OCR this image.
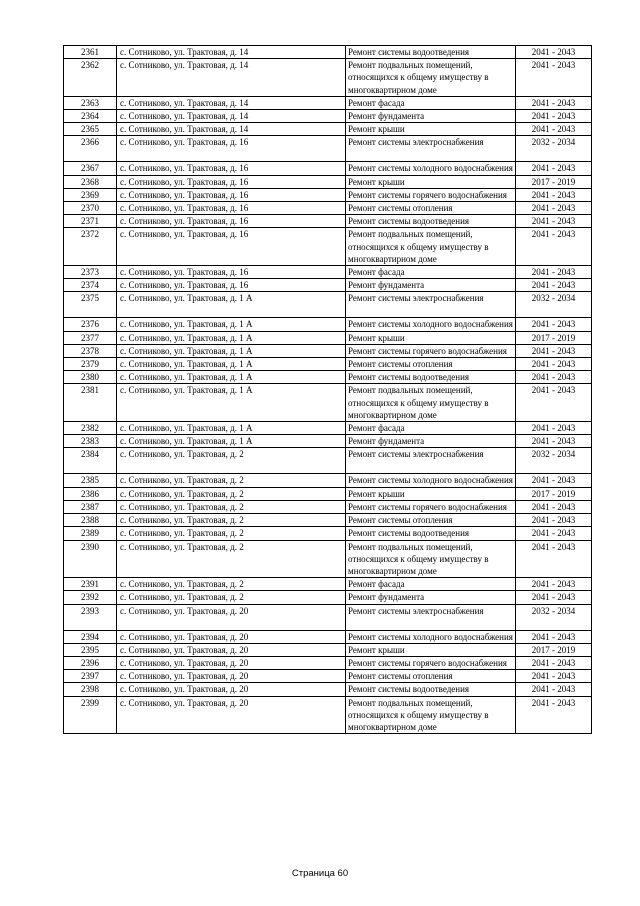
2361	с. Сотниково, ул. Трактовая, д. 14	Ремонт системы водоотведения	2041 - 2043
2362	с. Сотниково, ул. Трактовая, д. 14	Ремонт подвальных помещений, относящихся к общему имуществу в многоквартирном доме	2041 - 2043
2363	с. Сотниково, ул. Трактовая, д. 14	Ремонт фасада	2041 - 2043
2364	с. Сотниково, ул. Трактовая, д. 14	Ремонт фундамента	2041 - 2043
2365	с. Сотниково, ул. Трактовая, д. 14	Ремонт крыши	2041 - 2043
2366	с. Сотниково, ул. Трактовая, д. 16	Ремонт системы электроснабжения	2032 - 2034
2367	с. Сотниково, ул. Трактовая, д. 16	Ремонт системы холодного водоснабжения	2041 - 2043
2368	с. Сотниково, ул. Трактовая, д. 16	Ремонт крыши	2017 - 2019
2369	с. Сотниково, ул. Трактовая, д. 16	Ремонт системы горячего водоснабжения	2041 - 2043
2370	с. Сотниково, ул. Трактовая, д. 16	Ремонт системы отопления	2041 - 2043
2371	с. Сотниково, ул. Трактовая, д. 16	Ремонт системы водоотведения	2041 - 2043
2372	с. Сотниково, ул. Трактовая, д. 16	Ремонт подвальных помещений, относящихся к общему имуществу в многоквартирном доме	2041 - 2043
2373	с. Сотниково, ул. Трактовая, д. 16	Ремонт фасада	2041 - 2043
2374	с. Сотниково, ул. Трактовая, д. 16	Ремонт фундамента	2041 - 2043
2375	с. Сотниково, ул. Трактовая, д. 1 А	Ремонт системы электроснабжения	2032 - 2034
2376	с. Сотниково, ул. Трактовая, д. 1 А	Ремонт системы холодного водоснабжения	2041 - 2043
2377	с. Сотниково, ул. Трактовая, д. 1 А	Ремонт крыши	2017 - 2019
2378	с. Сотниково, ул. Трактовая, д. 1 А	Ремонт системы горячего водоснабжения	2041 - 2043
2379	с. Сотниково, ул. Трактовая, д. 1 А	Ремонт системы отопления	2041 - 2043
2380	с. Сотниково, ул. Трактовая, д. 1 А	Ремонт системы водоотведения	2041 - 2043
2381	с. Сотниково, ул. Трактовая, д. 1 А	Ремонт подвальных помещений, относящихся к общему имуществу в многоквартирном доме	2041 - 2043
2382	с. Сотниково, ул. Трактовая, д. 1 А	Ремонт фасада	2041 - 2043
2383	с. Сотниково, ул. Трактовая, д. 1 А	Ремонт фундамента	2041 - 2043
2384	с. Сотниково, ул. Трактовая, д. 2	Ремонт системы электроснабжения	2032 - 2034
2385	с. Сотниково, ул. Трактовая, д. 2	Ремонт системы холодного водоснабжения	2041 - 2043
2386	с. Сотниково, ул. Трактовая, д. 2	Ремонт крыши	2017 - 2019
2387	с. Сотниково, ул. Трактовая, д. 2	Ремонт системы горячего водоснабжения	2041 - 2043
2388	с. Сотниково, ул. Трактовая, д. 2	Ремонт системы отопления	2041 - 2043
2389	с. Сотниково, ул. Трактовая, д. 2	Ремонт системы водоотведения	2041 - 2043
2390	с. Сотниково, ул. Трактовая, д. 2	Ремонт подвальных помещений, относящихся к общему имуществу в многоквартирном доме	2041 - 2043
2391	с. Сотниково, ул. Трактовая, д. 2	Ремонт фасада	2041 - 2043
2392	с. Сотниково, ул. Трактовая, д. 2	Ремонт фундамента	2041 - 2043
2393	с. Сотниково, ул. Трактовая, д. 20	Ремонт системы электроснабжения	2032 - 2034
2394	с. Сотниково, ул. Трактовая, д. 20	Ремонт системы холодного водоснабжения	2041 - 2043
2395	с. Сотниково, ул. Трактовая, д. 20	Ремонт крыши	2017 - 2019
2396	с. Сотниково, ул. Трактовая, д. 20	Ремонт системы горячего водоснабжения	2041 - 2043
2397	с. Сотниково, ул. Трактовая, д. 20	Ремонт системы отопления	2041 - 2043
2398	с. Сотниково, ул. Трактовая, д. 20	Ремонт системы водоотведения	2041 - 2043
2399	с. Сотниково, ул. Трактовая, д. 20	Ремонт подвальных помещений, относящихся к общему имуществу в многоквартирном доме	2041 - 2043
Страница 60
